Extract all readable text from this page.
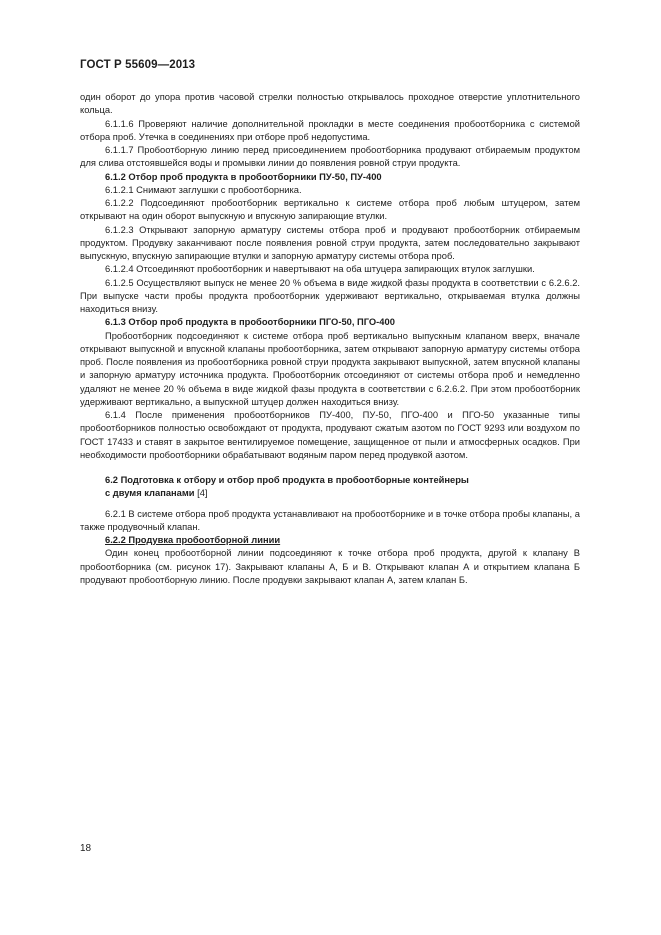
ГОСТ Р 55609—2013

один оборот до упора против часовой стрелки полностью открывалось проходное отверстие уплотнительного кольца.

6.1.1.6 Проверяют наличие дополнительной прокладки в месте соединения пробоотборника с системой отбора проб. Утечка в соединениях при отборе проб недопустима.

6.1.1.7 Пробоотборную линию перед присоединением пробоотборника продувают отбираемым продуктом для слива отстоявшейся воды и промывки линии до появления ровной струи продукта.

6.1.2 Отбор проб продукта в пробоотборники ПУ-50, ПУ-400

6.1.2.1 Снимают заглушки с пробоотборника.

6.1.2.2 Подсоединяют пробоотборник вертикально к системе отбора проб любым штуцером, затем открывают на один оборот выпускную и впускную запирающие втулки.

6.1.2.3 Открывают запорную арматуру системы отбора проб и продувают пробоотборник отбираемым продуктом. Продувку заканчивают после появления ровной струи продукта, затем последовательно закрывают выпускную, впускную запирающие втулки и запорную арматуру системы отбора проб.

6.1.2.4 Отсоединяют пробоотборник и навертывают на оба штуцера запирающих втулок заглушки.

6.1.2.5 Осуществляют выпуск не менее 20 % объема в виде жидкой фазы продукта в соответствии с 6.2.6.2. При выпуске части пробы продукта пробоотборник удерживают вертикально, открываемая втулка должны находиться внизу.

6.1.3 Отбор проб продукта в пробоотборники ПГО-50, ПГО-400

Пробоотборник подсоединяют к системе отбора проб вертикально выпускным клапаном вверх, вначале открывают выпускной и впускной клапаны пробоотборника, затем открывают запорную арматуру системы отбора проб. После появления из пробоотборника ровной струи продукта закрывают выпускной, затем впускной клапаны и запорную арматуру источника продукта. Пробоотборник отсоединяют от системы отбора проб и немедленно удаляют не менее 20 % объема в виде жидкой фазы продукта в соответствии с 6.2.6.2. При этом пробоотборник удерживают вертикально, а выпускной штуцер должен находиться внизу.

6.1.4 После применения пробоотборников ПУ-400, ПУ-50, ПГО-400 и ПГО-50 указанные типы пробоотборников полностью освобождают от продукта, продувают сжатым азотом по ГОСТ 9293 или воздухом по ГОСТ 17433 и ставят в закрытое вентилируемое помещение, защищенное от пыли и атмосферных осадков. При необходимости пробоотборники обрабатывают водяным паром перед продувкой азотом.

6.2 Подготовка к отбору и отбор проб продукта в пробоотборные контейнеры
с двумя клапанами [4]

6.2.1 В системе отбора проб продукта устанавливают на пробоотборнике и в точке отбора пробы клапаны, а также продувочный клапан.

6.2.2 Продувка пробоотборной линии

Один конец пробоотборной линии подсоединяют к точке отбора проб продукта, другой к клапану В пробоотборника (см. рисунок 17). Закрывают клапаны А, Б и В. Открывают клапан А и открытием клапана Б продувают пробоотборную линию. После продувки закрывают клапан А, затем клапан Б.

18
